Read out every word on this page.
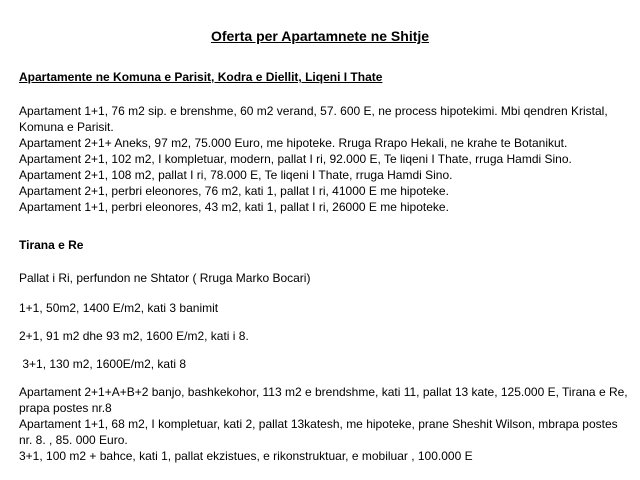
Oferta per Apartamnete ne Shitje
Apartamente ne Komuna e Parisit, Kodra e Diellit, Liqeni I Thate
Apartament 1+1, 76 m2 sip. e brenshme, 60 m2 verand, 57. 600 E, ne process hipotekimi. Mbi qendren Kristal,
Komuna e Parisit.
Apartament 2+1+ Aneks, 97 m2, 75.000 Euro, me hipoteke. Rruga Rrapo Hekali, ne krahe te Botanikut.
Apartament 2+1, 102 m2, I kompletuar, modern, pallat I ri, 92.000 E, Te liqeni I Thate, rruga Hamdi Sino.
Apartament 2+1, 108 m2, pallat I ri, 78.000 E, Te liqeni I Thate, rruga Hamdi Sino.
Apartament 2+1, perbri eleonores, 76 m2, kati 1, pallat I ri, 41000 E me hipoteke.
Apartament 1+1, perbri eleonores, 43 m2, kati 1, pallat I ri, 26000 E me hipoteke.
Tirana e Re
Pallat i Ri, perfundon ne Shtator ( Rruga Marko Bocari)
1+1, 50m2, 1400 E/m2, kati 3 banimit
2+1, 91 m2 dhe 93 m2, 1600 E/m2, kati i 8.
3+1, 130 m2, 1600E/m2, kati 8
Apartament 2+1+A+B+2 banjo, bashkekohor, 113 m2 e brendshme, kati 11, pallat 13 kate, 125.000 E, Tirana e Re,
prapa postes nr.8
Apartament 1+1, 68 m2, I kompletuar, kati 2, pallat 13katesh, me hipoteke, prane Sheshit Wilson, mbrapa postes
nr. 8. , 85. 000 Euro.
3+1, 100 m2 + bahce, kati 1, pallat ekzistues, e rikonstruktuar, e mobiluar , 100.000 E
